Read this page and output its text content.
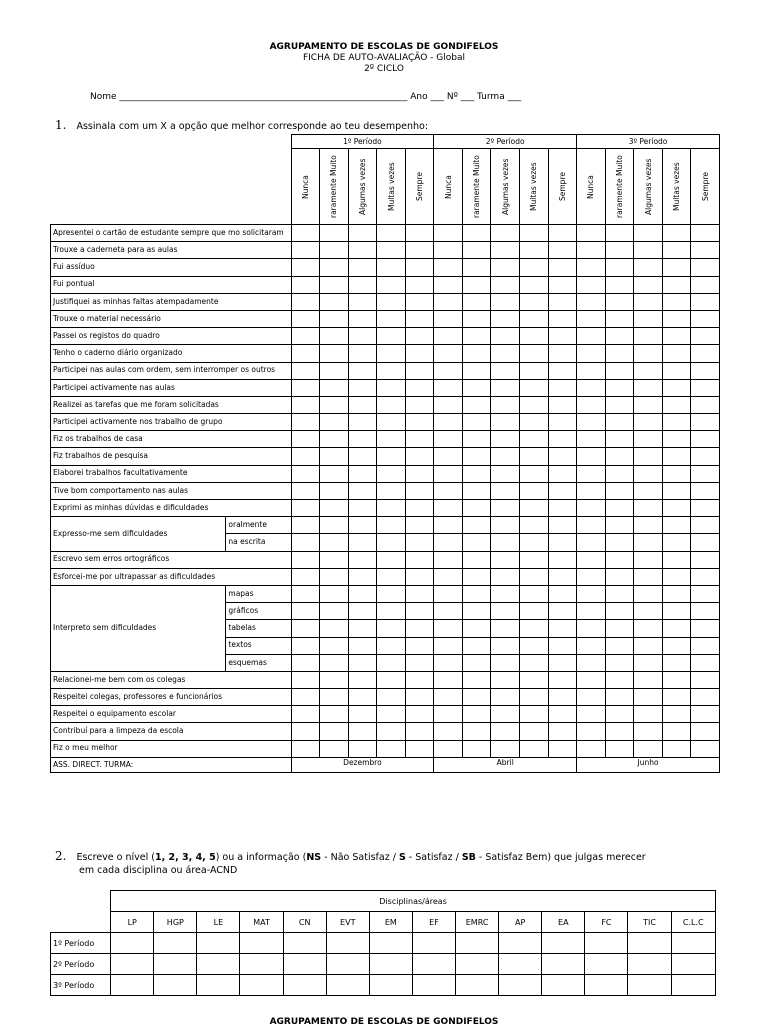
AGRUPAMENTO DE ESCOLAS DE GONDIFELOS
FICHA DE AUTO-AVALIAÇÃO - Global
2º CICLO
Nome ________________________________________________________________ Ano ___ Nº ___ Turma ___
1. Assinala com um X a opção que melhor corresponde ao teu desempenho:
		1º Período					2º Período					3º Período				

		Nunca	raramente Muito	Algumas vezes	Multas vezes	Sempre	Nunca	raramente Muito	Algumas vezes	Multas vezes	Sempre	Nunca	raramente Muito	Algumas vezes	Multas vezes	Sempre

Apresentei o cartão de estudante sempre que mo solicitaram																
Trouxe a caderneta para as aulas																
Fui assíduo																
Fui pontual																
Justifiquei as minhas faltas atempadamente																
Trouxe o material necessário																
Passei os registos do quadro																
Tenho o caderno diário organizado																
Participei nas aulas com ordem, sem interromper os outros																
Participei activamente nas aulas																
Realizei as tarefas que me foram solicitadas																
Participei activamente nos trabalho de grupo																
Fiz os trabalhos de casa																
Fiz trabalhos de pesquisa																
Elaborei trabalhos facultativamente																
Tive bom comportamento nas aulas																
Exprimi as minhas dúvidas e dificuldades																
Expresso-me sem dificuldades	oralmente															
	na escrita															
Escrevo sem erros ortográficos																
Esforcei-me por ultrapassar as dificuldades																
Interpreto sem dificuldades	mapas															
	gráficos															
	tabelas															
	textos															
	esquemas															
Relacionei-me bem com os colegas																
Respeitei colegas, professores e funcionários																
Respeitei o equipamento escolar																
Contribuí para a limpeza da escola																
Fiz o meu melhor																
ASS. DIRECT. TURMA:		Dezembro					Abril					Junho				
2. Escreve o nível (1, 2, 3, 4, 5) ou a informação (NS - Não Satisfaz / S - Satisfaz / SB - Satisfaz Bem) que julgas merecer
em cada disciplina ou área-ACND
	Disciplinas/áreas													
	LP	HGP	LE	MAT	CN	EVT	EM	EF	EMRC	AP	EA	FC	TIC	C.L.C
1º Período														
2º Período														
3º Período														
AGRUPAMENTO DE ESCOLAS DE GONDIFELOS
